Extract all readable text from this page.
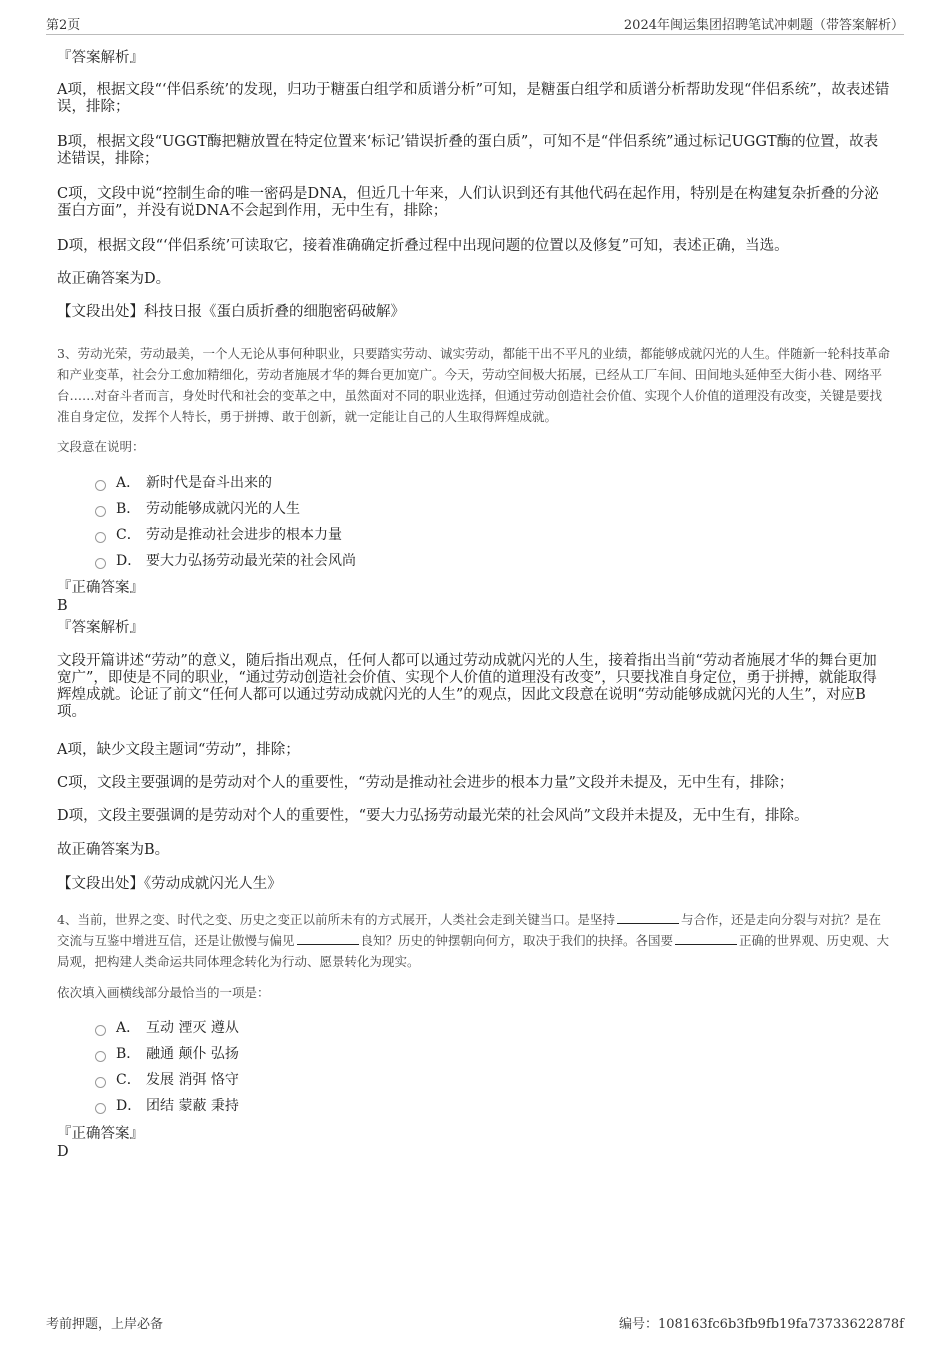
第2页	2024年闽运集团招聘笔试冲刺题（带答案解析）

『答案解析』

A项，根据文段“‘伴侣系统’的发现，归功于糖蛋白组学和质谱分析”可知，是糖蛋白组学和质谱分析帮助发现“伴侣系统”，故表述错误，排除；

B项，根据文段“UGGT酶把糖放置在特定位置来‘标记’错误折叠的蛋白质”，可知不是“伴侣系统”通过标记UGGT酶的位置，故表述错误，排除；

C项，文段中说“控制生命的唯一密码是DNA，但近几十年来，人们认识到还有其他代码在起作用，特别是在构建复杂折叠的分泌蛋白方面”，并没有说DNA不会起到作用，无中生有，排除；

D项，根据文段“‘伴侣系统’可读取它，接着准确确定折叠过程中出现问题的位置以及修复”可知，表述正确，当选。

故正确答案为D。

【文段出处】科技日报《蛋白质折叠的细胞密码破解》

3、劳动光荣，劳动最美，一个人无论从事何种职业，只要踏实劳动、诚实劳动，都能干出不平凡的业绩，都能够成就闪光的人生。伴随新一轮科技革命和产业变革，社会分工愈加精细化，劳动者施展才华的舞台更加宽广。今天，劳动空间极大拓展，已经从工厂车间、田间地头延伸至大街小巷、网络平台……对奋斗者而言，身处时代和社会的变革之中，虽然面对不同的职业选择，但通过劳动创造社会价值、实现个人价值的道理没有改变，关键是要找准自身定位，发挥个人特长，勇于拼搏、敢于创新，就一定能让自己的人生取得辉煌成就。

文段意在说明：

A． 新时代是奋斗出来的
B． 劳动能够成就闪光的人生
C． 劳动是推动社会进步的根本力量
D． 要大力弘扬劳动最光荣的社会风尚
『正确答案』
B
『答案解析』

文段开篇讲述“劳动”的意义，随后指出观点，任何人都可以通过劳动成就闪光的人生，接着指出当前“劳动者施展才华的舞台更加宽广”，即使是不同的职业，“通过劳动创造社会价值、实现个人价值的道理没有改变”，只要找准自身定位，勇于拼搏，就能取得辉煌成就。论证了前文“任何人都可以通过劳动成就闪光的人生”的观点，因此文段意在说明“劳动能够成就闪光的人生”，对应B项。

A项，缺少文段主题词“劳动”，排除；

C项，文段主要强调的是劳动对个人的重要性，“劳动是推动社会进步的根本力量”文段并未提及，无中生有，排除；

D项，文段主要强调的是劳动对个人的重要性，“要大力弘扬劳动最光荣的社会风尚”文段并未提及，无中生有，排除。

故正确答案为B。

【文段出处】《劳动成就闪光人生》

4、当前，世界之变、时代之变、历史之变正以前所未有的方式展开，人类社会走到关键当口。是坚持	与合作，还是走向分裂与对抗？是在交流与互鉴中增进互信，还是让傲慢与偏见	良知？历史的钟摆朝向何方，取决于我们的抉择。各国要	正确的世界观、历史观、大局观，把构建人类命运共同体理念转化为行动、愿景转化为现实。

依次填入画横线部分最恰当的一项是：

A． 互动 湮灭 遵从
B． 融通 颠仆 弘扬
C． 发展 消弭 恪守
D． 团结 蒙蔽 秉持
『正确答案』
D
考前押题，上岸必备	编号：108163fc6b3fb9fb19fa73733622878f
